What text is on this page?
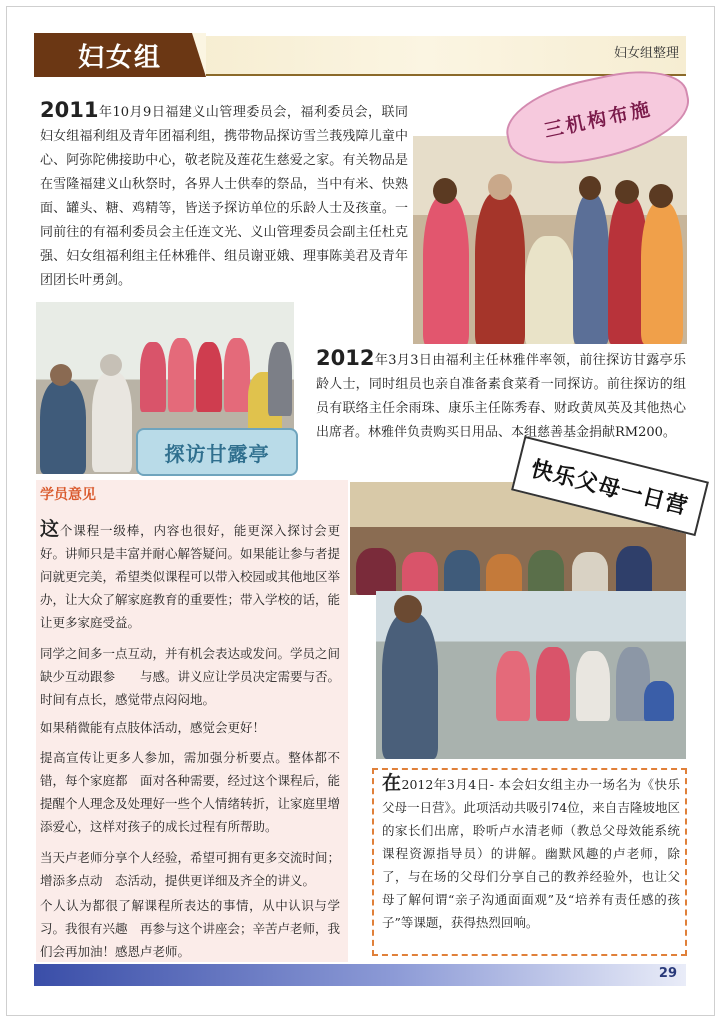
妇女组	妇女组整理
2011年10月9日福建义山管理委员会，福利委员会，联同妇女组福利组及青年团福利组，携带物品探访雪兰莪残障儿童中心、阿弥陀佛接助中心，敬老院及莲花生慈爱之家。有关物品是在雪隆福建义山秋祭时，各界人士供奉的祭品，当中有米、快熟面、罐头、糖、鸡精等，皆送予探访单位的乐龄人士及孩童。一同前往的有福利委员会主任连文光、义山管理委员会副主任杜克强、妇女组福利组主任林雅伴、组员谢亚娥、理事陈美君及青年团团长叶勇剑。
三机构布施
探访甘露亭
2012年3月3日由福利主任林雅伴率领，前往探访甘露亭乐龄人士，同时组员也亲自准备素食菜肴一同探访。前往探访的组员有联络主任余雨珠、康乐主任陈秀春、财政黄凤英及其他热心出席者。林雅伴负责购买日用品、本组慈善基金捐献RM200。
学员意见
这个课程一级棒，内容也很好，能更深入探讨会更好。讲师只是丰富并耐心解答疑问。如果能让参与者提问就更完美，希望类似课程可以带入校园或其他地区举办，让大众了解家庭教育的重要性；带入学校的话，能让更多家庭受益。
同学之间多一点互动，并有机会表达或发问。学员之间缺少互动跟参　　与感。讲义应让学员决定需要与否。时间有点长，感觉带点闷闷地。
如果稍微能有点肢体活动，感觉会更好！
提高宣传让更多人参加，需加强分析要点。整体都不错，每个家庭都　面对各种需要，经过这个课程后，能提醒个人理念及处理好一些个人情绪转折，让家庭里增添爱心，这样对孩子的成长过程有所帮助。
当天卢老师分享个人经验，希望可拥有更多交流时间；增添多点动　态活动，提供更详细及齐全的讲义。
个人认为都很了解课程所表达的事情，从中认识与学习。我很有兴趣　再参与这个讲座会；辛苦卢老师，我们会再加油！感恩卢老师。
快乐父母一日营
在2012年3月4日- 本会妇女组主办一场名为《快乐父母一日营》。此项活动共吸引74位，来自吉隆坡地区的家长们出席，聆听卢水清老师（教总父母效能系统课程资源指导员）的讲解。幽默风趣的卢老师，除了，与在场的父母们分享自己的教养经验外，也让父母了解何谓“亲子沟通面面观”及“培养有责任感的孩子”等课题，获得热烈回响。
29
